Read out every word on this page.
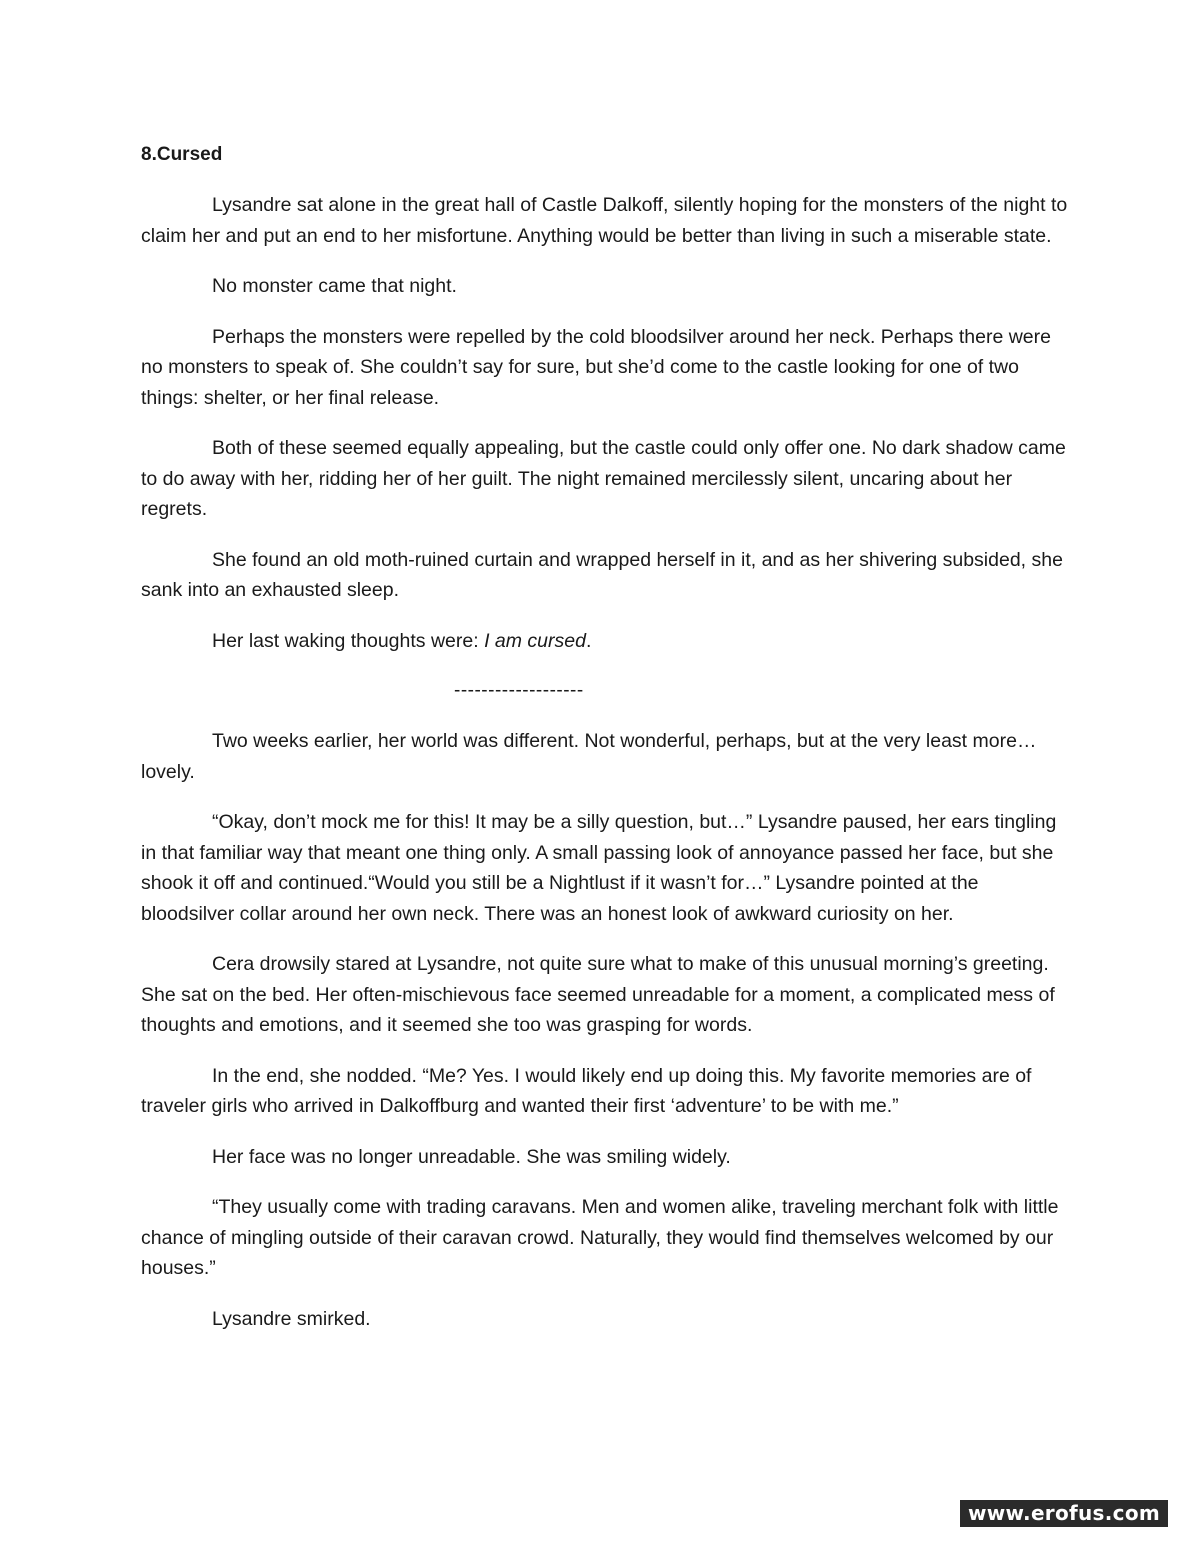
8.Cursed

Lysandre sat alone in the great hall of Castle Dalkoff, silently hoping for the monsters of the night to claim her and put an end to her misfortune. Anything would be better than living in such a miserable state.

No monster came that night.

Perhaps the monsters were repelled by the cold bloodsilver around her neck. Perhaps there were no monsters to speak of. She couldn’t say for sure, but she’d come to the castle looking for one of two things: shelter, or her final release.

Both of these seemed equally appealing, but the castle could only offer one. No dark shadow came to do away with her, ridding her of her guilt. The night remained mercilessly silent, uncaring about her regrets.

She found an old moth-ruined curtain and wrapped herself in it, and as her shivering subsided, she sank into an exhausted sleep.

Her last waking thoughts were: I am cursed.

-------------------

Two weeks earlier, her world was different. Not wonderful, perhaps, but at the very least more…lovely.

“Okay, don’t mock me for this! It may be a silly question, but…” Lysandre paused, her ears tingling in that familiar way that meant one thing only. A small passing look of annoyance passed her face, but she shook it off and continued.“Would you still be a Nightlust if it wasn’t for…” Lysandre pointed at the bloodsilver collar around her own neck. There was an honest look of awkward curiosity on her.

Cera drowsily stared at Lysandre, not quite sure what to make of this unusual morning’s greeting. She sat on the bed. Her often-mischievous face seemed unreadable for a moment, a complicated mess of thoughts and emotions, and it seemed she too was grasping for words.

In the end, she nodded. “Me? Yes. I would likely end up doing this. My favorite memories are of traveler girls who arrived in Dalkoffburg and wanted their first ‘adventure’ to be with me.”

Her face was no longer unreadable. She was smiling widely.

“They usually come with trading caravans. Men and women alike, traveling merchant folk with little chance of mingling outside of their caravan crowd. Naturally, they would find themselves welcomed by our houses.”

Lysandre smirked.

www.erofus.com
